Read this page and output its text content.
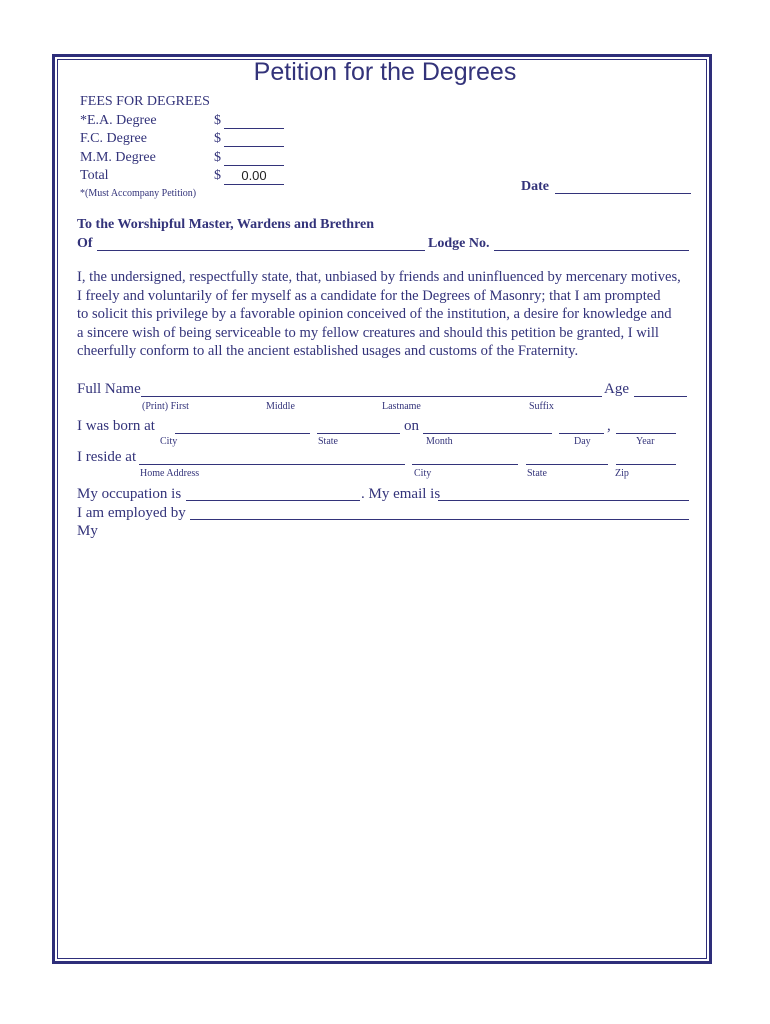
Petition for the Degrees
FEES FOR DEGREES
*E.A. Degree	$
F.C. Degree	$
M.M. Degree	$
Total	$	0.00
*(Must Accompany Petition)	Date
To the Worshipful Master, Wardens and Brethren
Of	Lodge No.
I, the undersigned, respectfully state, that, unbiased by friends and uninfluenced by mercenary motives,
I freely and voluntarily of fer myself as a candidate for the Degrees of Masonry; that I am prompted
to solicit this privilege by a favorable opinion conceived of the institution, a desire for knowledge and
a sincere wish of being serviceable to my fellow creatures and should this petition be granted, I will
cheerfully conform to all the ancient established usages and customs of the Fraternity.
Full Name	Age
(Print) First	Middle	Lastname	Suffix
I was born at	on	,
City	State	Month	Day	Year
I reside at
Home Address	City	State	Zip
My occupation is	. My email is
I am employed by
My
